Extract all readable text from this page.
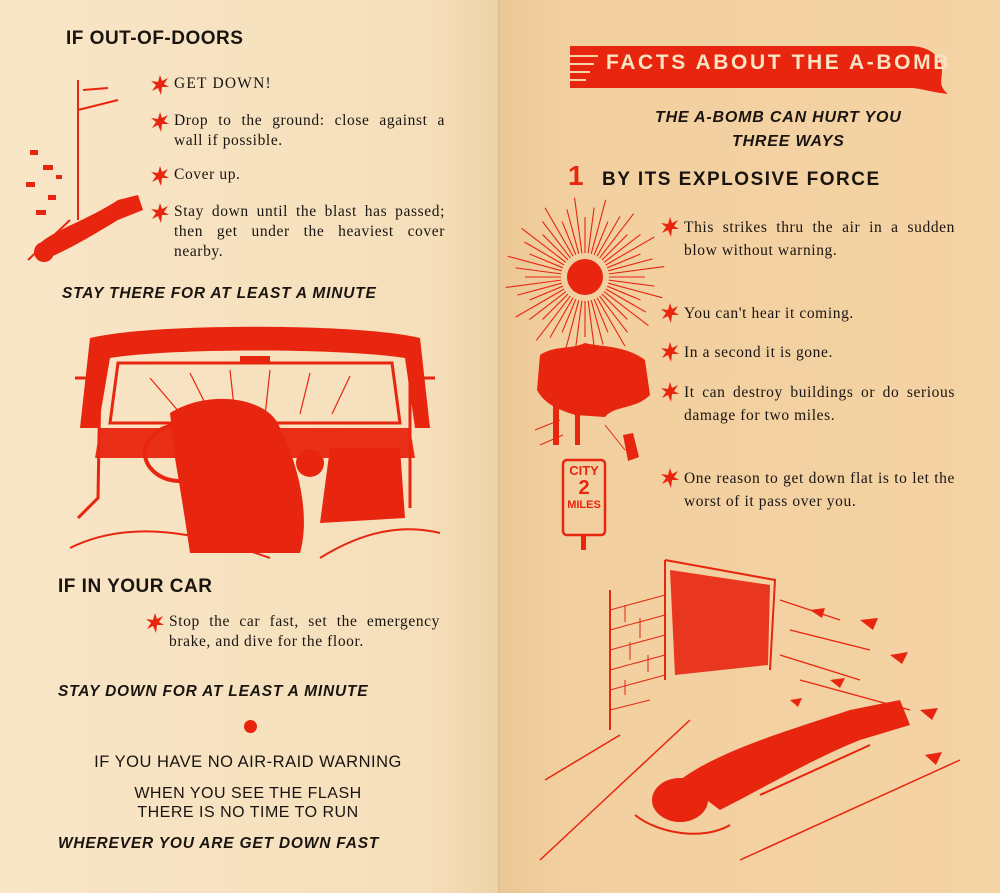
IF OUT-OF-DOORS
GET DOWN!
Drop to the ground: close against a wall if possible.
Cover up.
Stay down until the blast has passed; then get under the heaviest cover nearby.
STAY THERE FOR AT LEAST A MINUTE
IF IN YOUR CAR
Stop the car fast, set the emergency brake, and dive for the floor.
STAY DOWN FOR AT LEAST A MINUTE
IF YOU HAVE NO AIR-RAID WARNING
WHEN YOU SEE THE FLASH
THERE IS NO TIME TO RUN
WHEREVER YOU ARE GET DOWN FAST
FACTS ABOUT THE A-BOMB
THE A-BOMB CAN HURT YOU
THREE WAYS
1 BY ITS EXPLOSIVE FORCE
CITY
2
MILES
This strikes thru the air in a sudden blow without warning.
You can't hear it coming.
In a second it is gone.
It can destroy buildings or do serious damage for two miles.
One reason to get down flat is to let the worst of it pass over you.
